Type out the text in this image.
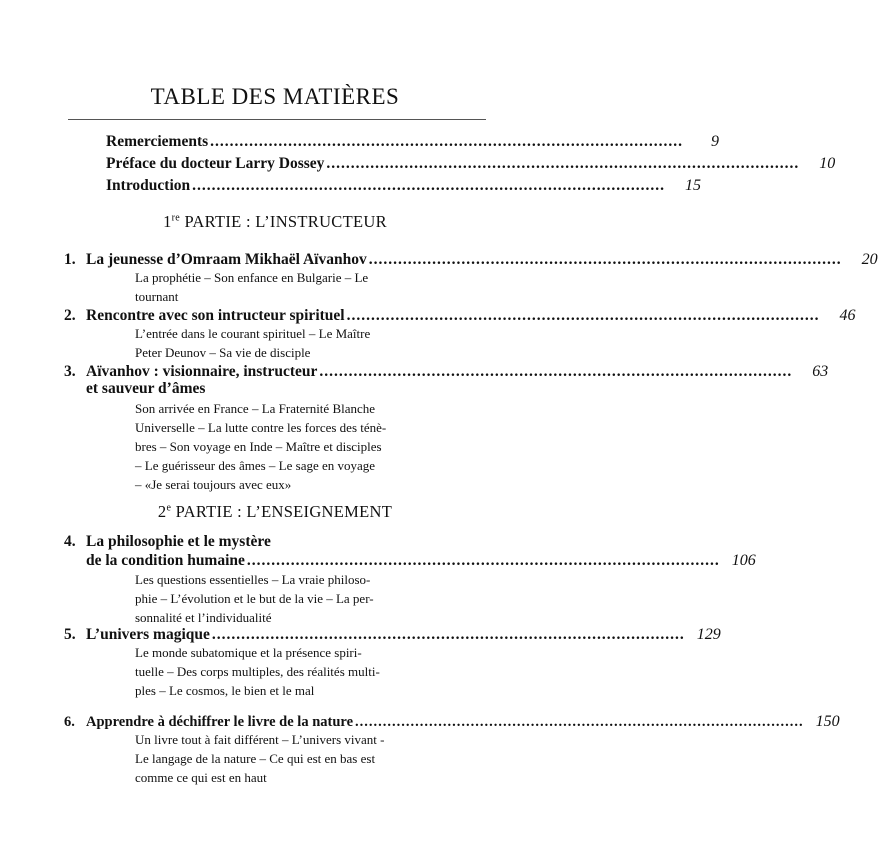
TABLE DES MATIÈRES
Remerciements .................................................................................................	9
Préface du docteur Larry Dossey .................................................................................................	10
Introduction .................................................................................................	15
1re PARTIE : L’INSTRUCTEUR
1. La jeunesse d’Omraam Mikhaël Aïvanhov .................................................................................................	20
La prophétie – Son enfance en Bulgarie – Le
tournant
2. Rencontre avec son intructeur spirituel .................................................................................................	46
L’entrée dans le courant spirituel – Le Maître
Peter Deunov – Sa vie de disciple
3. Aïvanhov : visionnaire, instructeur .................................................................................................	63
et sauveur d’âmes
Son arrivée en France – La Fraternité Blanche
Universelle – La lutte contre les forces des ténè-
bres – Son voyage en Inde – Maître et disciples
– Le guérisseur des âmes – Le sage en voyage
– «Je serai toujours avec eux»
2e PARTIE : L’ENSEIGNEMENT
4. La philosophie et le mystère
de la condition humaine ................................................................................................. 106
Les questions essentielles – La vraie philoso-
phie – L’évolution et le but de la vie – La per-
sonnalité et l’individualité
5. L’univers magique ................................................................................................. 129
Le monde subatomique et la présence spiri-
tuelle – Des corps multiples, des réalités multi-
ples – Le cosmos, le bien et le mal
6. Apprendre à déchiffrer le livre de la nature ................................................................................................. 150
Un livre tout à fait différent – L’univers vivant -
Le langage de la nature – Ce qui est en bas est
comme ce qui est en haut
